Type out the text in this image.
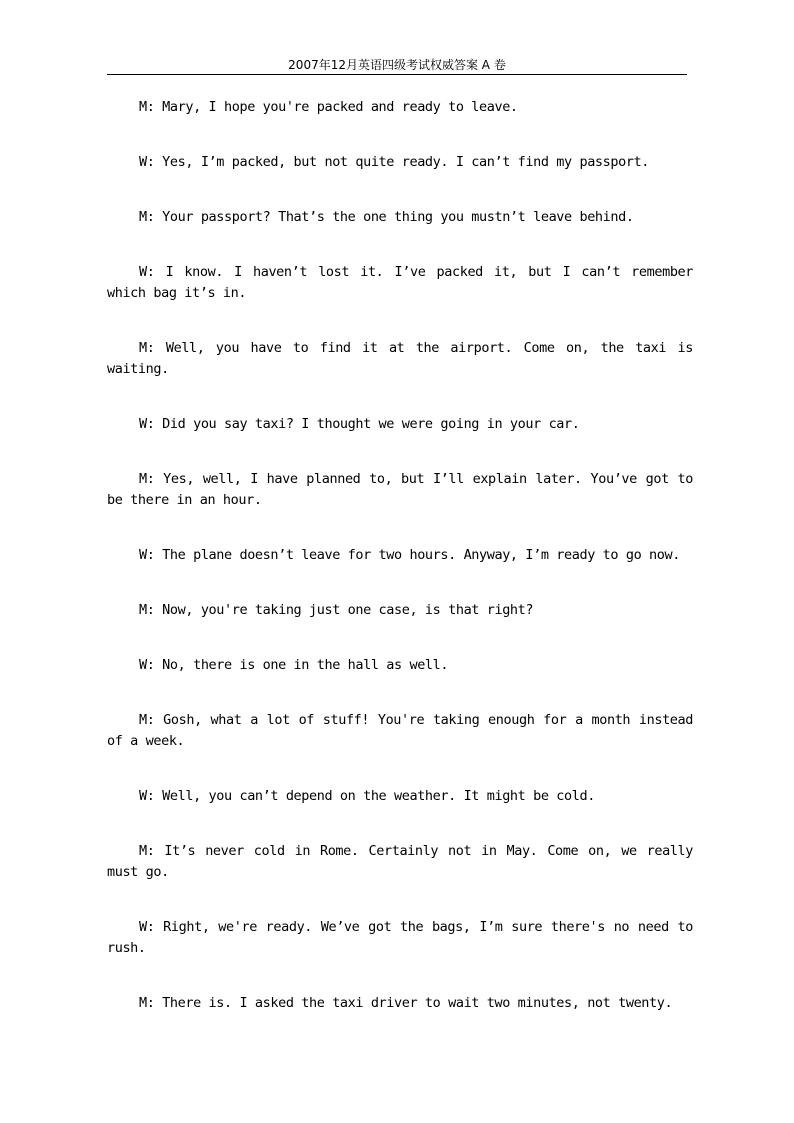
2007年12月英语四级考试权威答案 A 卷

M: Mary, I hope you're packed and ready to leave.

W: Yes, I’m packed, but not quite ready. I can’t find my passport.

M: Your passport? That’s the one thing you mustn’t leave behind.

W: I know. I haven’t lost it. I’ve packed it, but I can’t remember which bag it’s in.

M: Well, you have to find it at the airport. Come on, the taxi is waiting.

W: Did you say taxi? I thought we were going in your car.

M: Yes, well, I have planned to, but I’ll explain later. You’ve got to be there in an hour.

W: The plane doesn’t leave for two hours. Anyway, I’m ready to go now.

M: Now, you're taking just one case, is that right?

W: No, there is one in the hall as well.

M: Gosh, what a lot of stuff! You're taking enough for a month instead of a week.

W: Well, you can’t depend on the weather. It might be cold.

M: It’s never cold in Rome. Certainly not in May. Come on, we really must go.

W: Right, we're ready. We’ve got the bags, I’m sure there's no need to rush.

M: There is. I asked the taxi driver to wait two minutes, not twenty.
